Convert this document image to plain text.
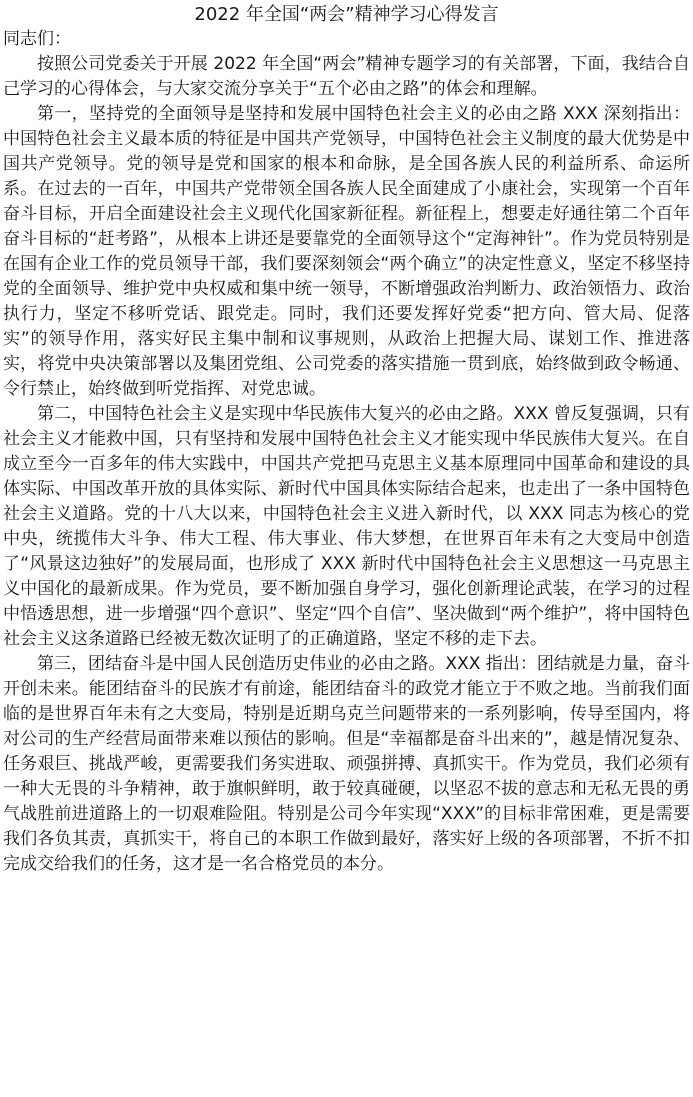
2022 年全国“两会”精神学习心得发言

同志们：

按照公司党委关于开展 2022 年全国“两会”精神专题学习的有关部署，下面，我结合自己学习的心得体会，与大家交流分享关于“五个必由之路”的体会和理解。

第一，坚持党的全面领导是坚持和发展中国特色社会主义的必由之路 XXX 深刻指出：中国特色社会主义最本质的特征是中国共产党领导，中国特色社会主义制度的最大优势是中国共产党领导。党的领导是党和国家的根本和命脉，是全国各族人民的利益所系、命运所系。在过去的一百年，中国共产党带领全国各族人民全面建成了小康社会，实现第一个百年奋斗目标，开启全面建设社会主义现代化国家新征程。新征程上，想要走好通往第二个百年奋斗目标的“赶考路”，从根本上讲还是要靠党的全面领导这个“定海神针”。作为党员特别是在国有企业工作的党员领导干部，我们要深刻领会“两个确立”的决定性意义，坚定不移坚持党的全面领导、维护党中央权威和集中统一领导，不断增强政治判断力、政治领悟力、政治执行力，坚定不移听党话、跟党走。同时，我们还要发挥好党委“把方向、管大局、促落实”的领导作用，落实好民主集中制和议事规则，从政治上把握大局、谋划工作、推进落实，将党中央决策部署以及集团党组、公司党委的落实措施一贯到底，始终做到政令畅通、令行禁止，始终做到听党指挥、对党忠诚。

第二，中国特色社会主义是实现中华民族伟大复兴的必由之路。XXX 曾反复强调，只有社会主义才能救中国，只有坚持和发展中国特色社会主义才能实现中华民族伟大复兴。在自成立至今一百多年的伟大实践中，中国共产党把马克思主义基本原理同中国革命和建设的具体实际、中国改革开放的具体实际、新时代中国具体实际结合起来，也走出了一条中国特色社会主义道路。党的十八大以来，中国特色社会主义进入新时代，以 XXX 同志为核心的党中央，统揽伟大斗争、伟大工程、伟大事业、伟大梦想，在世界百年未有之大变局中创造了“风景这边独好”的发展局面，也形成了 XXX 新时代中国特色社会主义思想这一马克思主义中国化的最新成果。作为党员，要不断加强自身学习，强化创新理论武装，在学习的过程中悟透思想，进一步增强“四个意识”、坚定“四个自信”、坚决做到“两个维护”，将中国特色社会主义这条道路已经被无数次证明了的正确道路，坚定不移的走下去。

第三，团结奋斗是中国人民创造历史伟业的必由之路。XXX 指出：团结就是力量，奋斗开创未来。能团结奋斗的民族才有前途，能团结奋斗的政党才能立于不败之地。当前我们面临的是世界百年未有之大变局，特别是近期乌克兰问题带来的一系列影响，传导至国内，将对公司的生产经营局面带来难以预估的影响。但是“幸福都是奋斗出来的”，越是情况复杂、任务艰巨、挑战严峻，更需要我们务实进取、顽强拼搏、真抓实干。作为党员，我们必须有一种大无畏的斗争精神，敢于旗帜鲜明，敢于较真碰硬，以坚忍不拔的意志和无私无畏的勇气战胜前进道路上的一切艰难险阻。特别是公司今年实现“XXX”的目标非常困难，更是需要我们各负其责，真抓实干，将自己的本职工作做到最好，落实好上级的各项部署，不折不扣完成交给我们的任务，这才是一名合格党员的本分。
